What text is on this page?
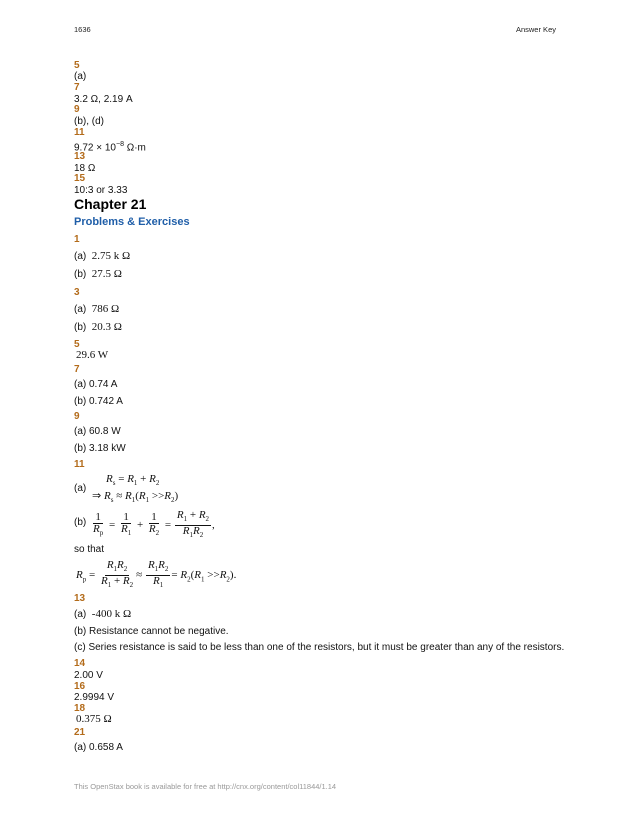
1636	Answer Key
5
(a)
7
3.2 Ω, 2.19 A
9
(b), (d)
11
$9.72 \times 10^{-8}$ Ω·m
13
18 Ω
15
10:3 or 3.33
Chapter 21
Problems & Exercises
1
(a) 2.75 k Ω
(b) 27.5 Ω
3
(a) 786 Ω
(b) 20.3 Ω
5
29.6 W
7
(a) 0.74 A
(b) 0.742 A
9
(a) 60.8 W
(b) 3.18 kW
11
(a)
$R_s = R_1 + R_2$
⇒ $R_s \approx R_1(R_1 >>R_2)$
$(b) \frac{1}{R_p} = \frac{1}{R_1} + \frac{1}{R_2} = \frac{R_1 + R_2}{R_1R_2}$ ,
so that
$R_p = \frac{R_1R_2}{R_1 + R_2} \approx \frac{R_1R_2}{R_1} = R_2(R_1 >>R_2)$.
13
(a) -400 k Ω
(b) Resistance cannot be negative.
(c) Series resistance is said to be less than one of the resistors, but it must be greater than any of the resistors.
14
2.00 V
16
2.9994 V
18
0.375 Ω
21
(a) 0.658 A
This OpenStax book is available for free at http://cnx.org/content/col11844/1.14
